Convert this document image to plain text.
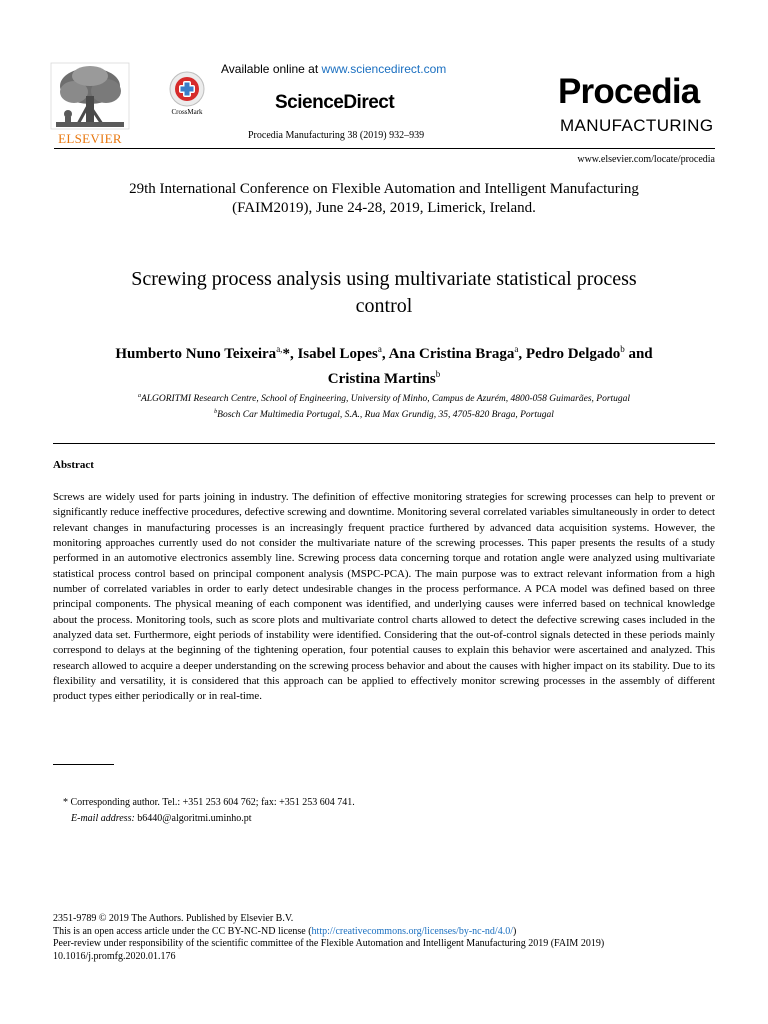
ELSEVIER
CrossMark
Available online at www.sciencedirect.com
ScienceDirect
Procedia Manufacturing 38 (2019) 932–939
Procedia
MANUFACTURING
www.elsevier.com/locate/procedia
29th International Conference on Flexible Automation and Intelligent Manufacturing
(FAIM2019), June 24-28, 2019, Limerick, Ireland.
Screwing process analysis using multivariate statistical process
control
Humberto Nuno Teixeira$^{a,}$*, Isabel Lopes$^a$, Ana Cristina Braga$^a$, Pedro Delgado$^b$ and
Cristina Martins$^b$
$^a$ALGORITMI Research Centre, School of Engineering, University of Minho, Campus de Azurém, 4800-058 Guimarães, Portugal
$^b$Bosch Car Multimedia Portugal, S.A., Rua Max Grundig, 35, 4705-820 Braga, Portugal
Abstract
Screws are widely used for parts joining in industry. The definition of effective monitoring strategies for screwing processes can help to prevent or significantly reduce ineffective procedures, defective screwing and downtime. Monitoring several correlated variables simultaneously in order to detect relevant changes in manufacturing processes is an increasingly frequent practice furthered by advanced data acquisition systems. However, the monitoring approaches currently used do not consider the multivariate nature of the screwing processes. This paper presents the results of a study performed in an automotive electronics assembly line. Screwing process data concerning torque and rotation angle were analyzed using multivariate statistical process control based on principal component analysis (MSPC-PCA). The main purpose was to extract relevant information from a high number of correlated variables in order to early detect undesirable changes in the process performance. A PCA model was defined based on three principal components. The physical meaning of each component was identified, and underlying causes were inferred based on technical knowledge about the process. Monitoring tools, such as score plots and multivariate control charts allowed to detect the defective screwing cases included in the analyzed data set. Furthermore, eight periods of instability were identified. Considering that the out-of-control signals detected in these periods mainly correspond to delays at the beginning of the tightening operation, four potential causes to explain this behavior were ascertained and analyzed. This research allowed to acquire a deeper understanding on the screwing process behavior and about the causes with higher impact on its stability. Due to its flexibility and versatility, it is considered that this approach can be applied to effectively monitor screwing processes in the assembly of different product types either periodically or in real-time.
* Corresponding author. Tel.: +351 253 604 762; fax: +351 253 604 741.
E-mail address: b6440@algoritmi.uminho.pt
2351-9789 © 2019 The Authors. Published by Elsevier B.V.
This is an open access article under the CC BY-NC-ND license (http://creativecommons.org/licenses/by-nc-nd/4.0/)
Peer-review under responsibility of the scientific committee of the Flexible Automation and Intelligent Manufacturing 2019 (FAIM 2019)
10.1016/j.promfg.2020.01.176
